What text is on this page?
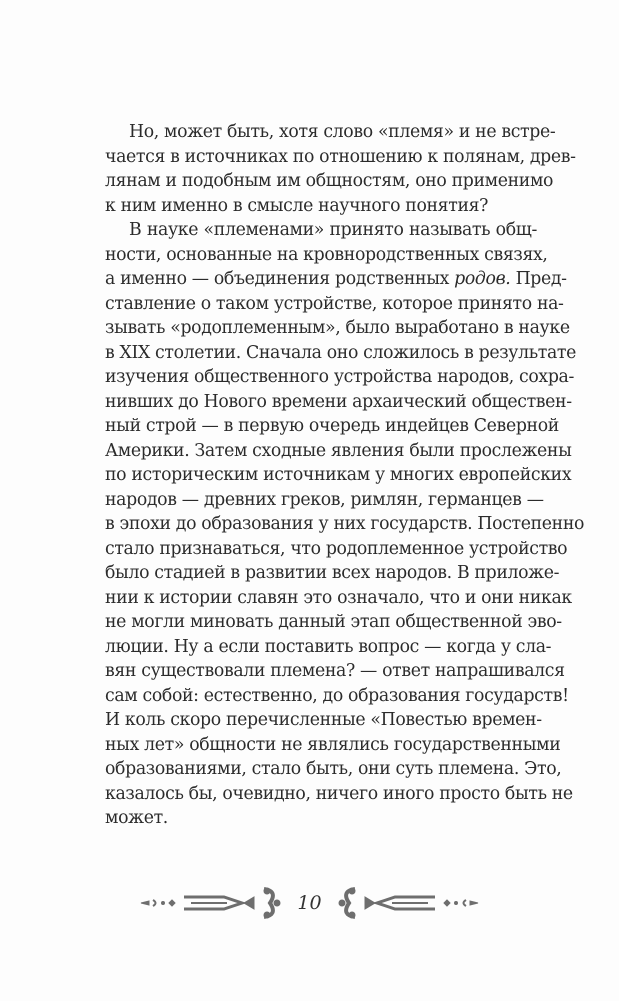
Но, может быть, хотя слово «племя» и не встре-
чается в источниках по отношению к полянам, древ-
лянам и подобным им общностям, оно применимо
к ним именно в смысле научного понятия?
В науке «племенами» принято называть общ-
ности, основанные на кровнородственных связях,
а именно — объединения родственных родов. Пред-
ставление о таком устройстве, которое принято на-
зывать «родоплеменным», было выработано в науке
в XIX столетии. Сначала оно сложилось в результате
изучения общественного устройства народов, сохра-
нивших до Нового времени архаический обществен-
ный строй — в первую очередь индейцев Северной
Америки. Затем сходные явления были прослежены
по историческим источникам у многих европейских
народов — древних греков, римлян, германцев —
в эпохи до образования у них государств. Постепенно
стало признаваться, что родоплеменное устройство
было стадией в развитии всех народов. В приложе-
нии к истории славян это означало, что и они никак
не могли миновать данный этап общественной эво-
люции. Ну а если поставить вопрос — когда у сла-
вян существовали племена? — ответ напрашивался
сам собой: естественно, до образования государств!
И коль скоро перечисленные «Повестью времен-
ных лет» общности не являлись государственными
образованиями, стало быть, они суть племена. Это,
казалось бы, очевидно, ничего иного просто быть не
может.
10
